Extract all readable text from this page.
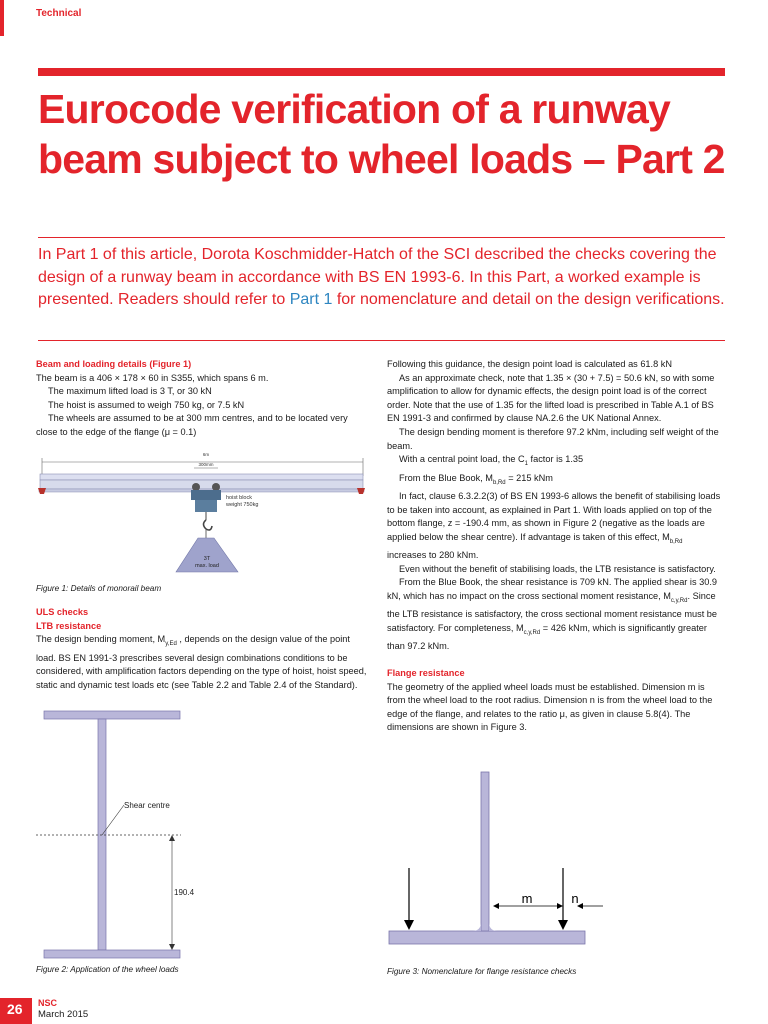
Technical
Eurocode verification of a runway beam subject to wheel loads – Part 2

In Part 1 of this article, Dorota Koschmidder-Hatch of the SCI described the checks covering the design of a runway beam in accordance with BS EN 1993-6. In this Part, a worked example is presented. Readers should refer to Part 1 for nomenclature and detail on the design verifications.

Beam and loading details (Figure 1)

The beam is a 406 × 178 × 60 in S355, which spans 6 m.

The maximum lifted load is 3 T, or 30 kN

The hoist is assumed to weigh 750 kg, or 7.5 kN

The wheels are assumed to be at 300 mm centres, and to be located very close to the edge of the flange (μ = 0.1)

6m
300mm
hoist block
weight 750kg
3T
max. load
Figure 1: Details of monorail beam

ULS checks

LTB resistance

The design bending moment, $M_{y,Ed}$ , depends on the design value of the point load. BS EN 1991-3 prescribes several design combinations conditions to be considered, with amplification factors depending on the type of hoist, hoist speed, static and dynamic test loads etc (see Table 2.2 and Table 2.4 of the Standard).

Shear centre
190.4
Figure 2: Application of the wheel loads

Following this guidance, the design point load is calculated as 61.8 kN

As an approximate check, note that 1.35 × (30 + 7.5) = 50.6 kN, so with some amplification to allow for dynamic effects, the design point load is of the correct order. Note that the use of 1.35 for the lifted load is prescribed in Table A.1 of BS EN 1991-3 and confirmed by clause NA.2.6 the UK National Annex.

The design bending moment is therefore 97.2 kNm, including self weight of the beam.

With a central point load, the $C_1$ factor is 1.35

From the Blue Book, $M_{b,Rd} = 215$ kNm

In fact, clause 6.3.2.2(3) of BS EN 1993-6 allows the benefit of stabilising loads to be taken into account, as explained in Part 1. With loads applied on top of the bottom flange, z = -190.4 mm, as shown in Figure 2 (negative as the loads are applied below the shear centre). If advantage is taken of this effect, $M_{b,Rd}$ increases to 280 kNm.

Even without the benefit of stabilising loads, the LTB resistance is satisfactory.

From the Blue Book, the shear resistance is 709 kN. The applied shear is 30.9 kN, which has no impact on the cross sectional moment resistance, $M_{c,y,Rd}$. Since the LTB resistance is satisfactory, the cross sectional moment resistance must be satisfactory. For completeness, $M_{c,y,Rd} = 426$ kNm, which is significantly greater than 97.2 kNm.

Flange resistance

The geometry of the applied wheel loads must be established. Dimension m is from the wheel load to the root radius. Dimension n is from the wheel load to the edge of the flange, and relates to the ratio μ, as given in clause 5.8(4). The dimensions are shown in Figure 3.

m	n
Figure 3: Nomenclature for flange resistance checks
26	NSC
March 2015
